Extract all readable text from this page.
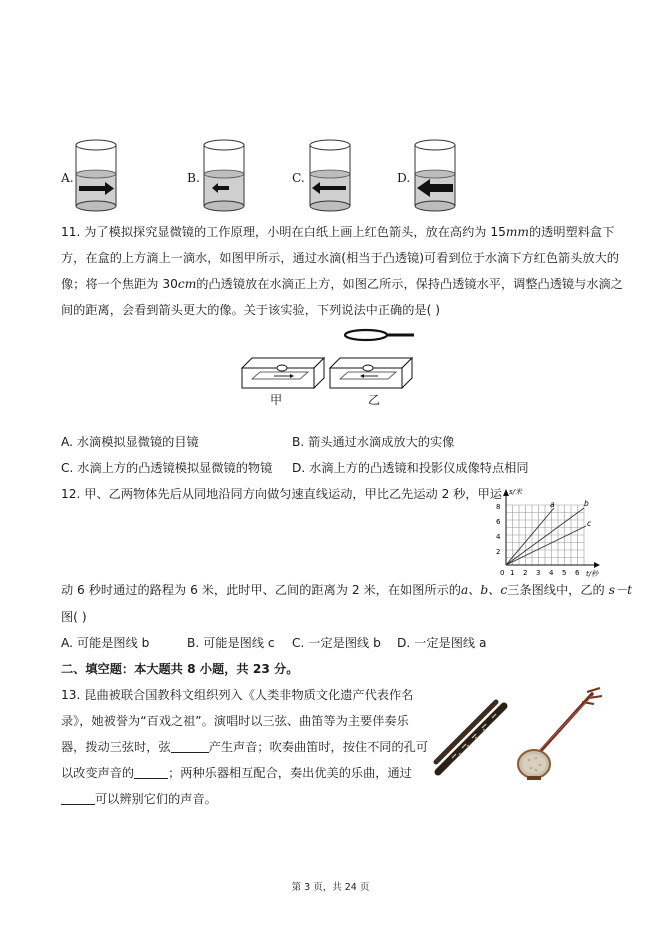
A.	B.	C.	D.
11. 为了模拟探究显微镜的工作原理，小明在白纸上画上红色箭头，放在高约为 15mm的透明塑料盒下
方，在盒的上方滴上一滴水，如图甲所示，通过水滴(相当于凸透镜)可看到位于水滴下方红色箭头放大的
像；将一个焦距为 30cm的凸透镜放在水滴正上方，如图乙所示，保持凸透镜水平，调整凸透镜与水滴之
间的距离，会看到箭头更大的像。关于该实验，下列说法中正确的是( )
甲	乙
A. 水滴模拟显微镜的目镜	B. 箭头通过水滴成放大的实像
C. 水滴上方的凸透镜模拟显微镜的物镜 D. 水滴上方的凸透镜和投影仪成像特点相同
12. 甲、乙两物体先后从同地沿同方向做匀速直线运动，甲比乙先运动 2 秒，甲运 s/米
t/秒
0
2
4
6
8
1 2 3 4 5 6
a	b
c
动 6 秒时通过的路程为 6 米，此时甲、乙间的距离为 2 米，在如图所示的a、b、c三条图线中，乙的 s－t
图( )
A. 可能是图线 b	B. 可能是图线 c C. 一定是图线 b D. 一定是图线 a
二、填空题：本大题共 8 小题，共 23 分。
13. 昆曲被联合国教科文组织列入《人类非物质文化遗产代表作名
录》，她被誉为“百戏之祖”。演唱时以三弦、曲笛等为主要伴奏乐
器，拨动三弦时，弦	产生声音；吹奏曲笛时，按住不同的孔可
以改变声音的	；两种乐器相互配合，奏出优美的乐曲，通过
可以辨别它们的声音。
第 3 页，共 24 页
